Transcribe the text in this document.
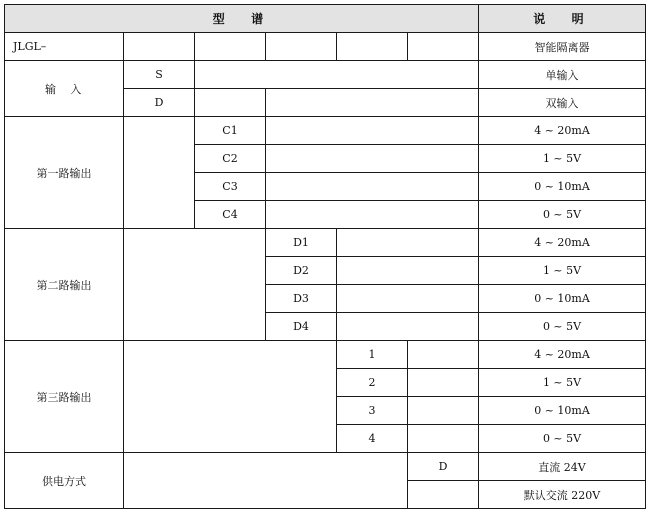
型　谱						说　明
JLGL–						智能隔离器
输　入	S					单输入
	D					双输入
第一路输出		C1				4 ~ 20mA
		C2				1 ~ 5V
		C3				0 ~ 10mA
		C4				0 ~ 5V
第二路输出			D1			4 ~ 20mA
			D2			1 ~ 5V
			D3			0 ~ 10mA
			D4			0 ~ 5V
第三路输出				1		4 ~ 20mA
				2		1 ~ 5V
				3		0 ~ 10mA
				4		0 ~ 5V
供电方式					D	直流 24V
						默认交流 220V
